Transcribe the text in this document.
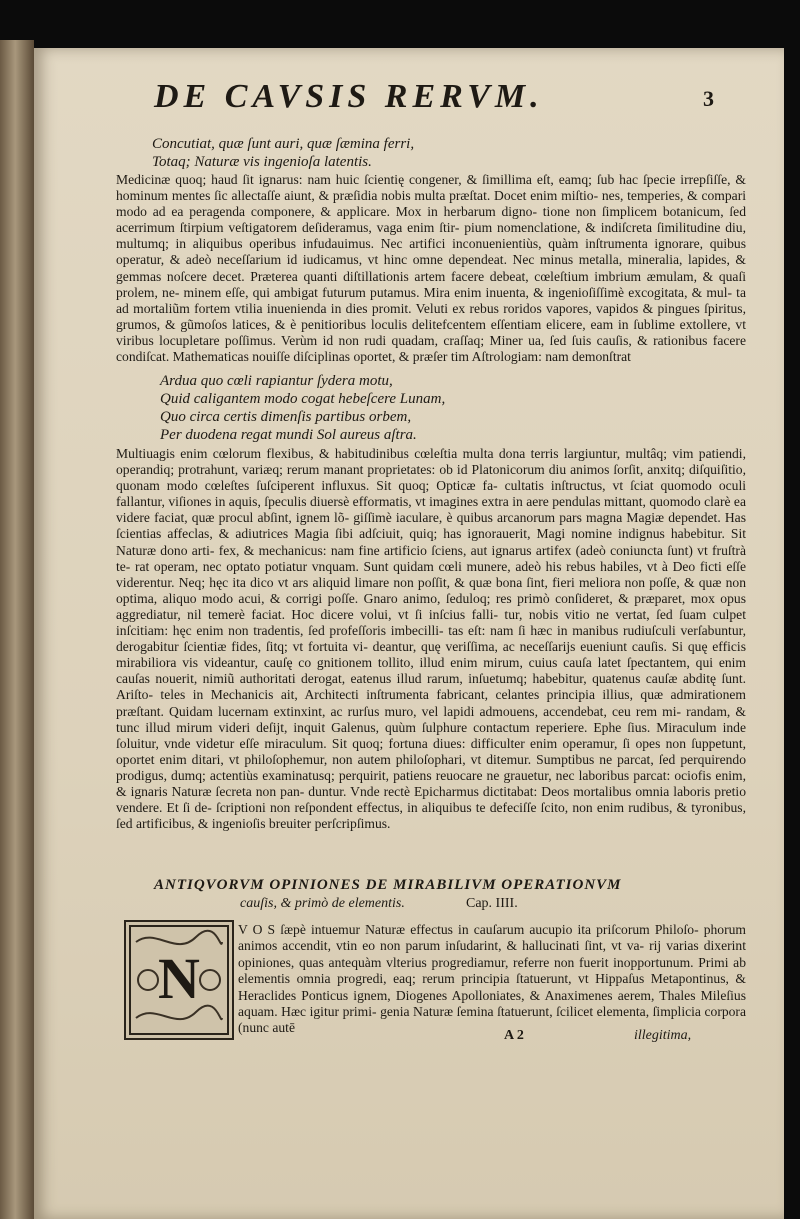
DE CAVSIS RERVM.	3
Concutiat, quæ ſunt auri, quæ ſæmina ferri,
Totaq; Naturæ vis ingenioſa latentis.
Medicinæ quoq; haud ſit ignarus: nam huic ſcientię congener, & ſimillima eſt, eamq; ſub hac ſpecie irrepſiſſe, & hominum mentes ſic allectaſſe aiunt, & præſidia nobis multa præſtat. Docet enim miſtio- nes, temperies, & compari modo ad ea peragenda componere, & applicare. Mox in herbarum digno- tione non ſimplicem botanicum, ſed acerrimum ſtirpium veſtigatorem deſideramus, vaga enim ſtir- pium nomenclatione, & indiſcreta ſimilitudine diu, multumq; in aliquibus operibus infudauimus. Nec artifici inconuenientiùs, quàm inſtrumenta ignorare, quibus operatur, & adeò neceſſarium id iudicamus, vt hinc omne dependeat. Nec minus metalla, mineralia, lapides, & gemmas noſcere decet. Præterea quanti diſtillationis artem facere debeat, cœleſtium imbrium æmulam, & quaſi prolem, ne- minem eſſe, qui ambigat futurum putamus. Mira enim inuenta, & ingenioſiſſimè excogitata, & mul- ta ad mortaliũm fortem vtilia inuenienda in dies promit. Veluti ex rebus roridos vapores, vapidos & pingues ſpiritus, grumos, & gũmoſos latices, & è penitioribus loculis delitefcentem eſſentiam elicere, eam in ſublime extollere, vt viribus locupletare poſſimus. Verùm id non rudi quadam, craſſaq; Miner ua, ſed ſuis cauſis, & rationibus facere condiſcat. Mathematicas nouiſſe diſciplinas oportet, & præſer tim Aſtrologiam: nam demonſtrat
Ardua quo cœli rapiantur ſydera motu,
Quid caligantem modo cogat hebeſcere Lunam,
Quo circa certis dimenſis partibus orbem,
Per duodena regat mundi Sol aureus aſtra.
Multiuagis enim cœlorum flexibus, & habitudinibus cœleſtia multa dona terris largiuntur, multâq; vim patiendi, operandiq; protrahunt, variæq; rerum manant proprietates: ob id Platonicorum diu animos ſorſit, anxitq; diſquiſitio, quonam modo cœleſtes ſuſciperent influxus. Sit quoq; Opticæ fa- cultatis inſtructus, vt ſciat quomodo oculi fallantur, viſiones in aquis, ſpeculis diuersè efformatis, vt imagines extra in aere pendulas mittant, quomodo clarè ea videre faciat, quæ procul abſint, ignem lõ- giſſimè iaculare, è quibus arcanorum pars magna Magiæ dependet. Has ſcientias affeclas, & adiutrices Magia ſibi adſciuit, quiq; has ignorauerit, Magi nomine indignus habebitur. Sit Naturæ dono arti- fex, & mechanicus: nam fine artificio ſciens, aut ignarus artifex (adeò coniuncta ſunt) vt fruſtrà te- rat operam, nec optato potiatur vnquam. Sunt quidam cœli munere, adeò his rebus habiles, vt à Deo ficti eſſe viderentur. Neq; hęc ita dico vt ars aliquid limare non poſſit, & quæ bona ſint, fieri meliora non poſſe, & quæ non optima, aliquo modo acui, & corrigi poſſe. Gnaro animo, ſeduloq; res primò conſideret, & præparet, mox opus aggrediatur, nil temerè faciat. Hoc dicere volui, vt ſi inſcius falli- tur, nobis vitio ne vertat, ſed ſuam culpet inſcitiam: hęc enim non tradentis, ſed profeſſoris imbecilli- tas eſt: nam ſi hæc in manibus rudiuſculi verſabuntur, derogabitur ſcientiæ fides, ſitq; vt fortuita vi- deantur, quę veriſſima, ac neceſſarijs eueniunt cauſis. Si quę efficis mirabiliora vis videantur, cauſę co gnitionem tollito, illud enim mirum, cuius cauſa latet ſpectantem, qui enim cauſas nouerit, nimiũ authoritati derogat, eatenus illud rarum, inſuetumq; habebitur, quatenus cauſæ abditę ſunt. Ariſto- teles in Mechanicis ait, Architecti inſtrumenta fabricant, celantes principia illius, quæ admirationem præſtant. Quidam lucernam extinxint, ac rurſus muro, vel lapidi admouens, accendebat, ceu rem mi- randam, & tunc illud mirum videri deſijt, inquit Galenus, quùm ſulphure contactum reperiere. Ephe ſius. Miraculum inde ſoluitur, vnde videtur eſſe miraculum. Sit quoq; fortuna diues: difficulter enim operamur, ſi opes non ſuppetunt, oportet enim ditari, vt philoſophemur, non autem philoſophari, vt ditemur. Sumptibus ne parcat, ſed perquirendo prodigus, dumq; actentiùs examinatusq; perquirit, patiens reuocare ne grauetur, nec laboribus parcat: ociofis enim, & ignaris Naturæ ſecreta non pan- duntur. Vnde rectè Epicharmus dictitabat: Deos mortalibus omnia laboris pretio vendere. Et ſi de- ſcriptioni non reſpondent effectus, in aliquibus te defeciſſe ſcito, non enim rudibus, & tyronibus, ſed artificibus, & ingenioſis breuiter perſcripſimus.
ANTIQVORVM OPINIONES DE MIRABILIVM OPERATIONVM
cauſis, & primò de elementis.	Cap. IIII.
N
V O S ſæpè intuemur Naturæ effectus in cauſarum aucupio ita priſcorum Philoſo- phorum animos accendit, vtin eo non parum inſudarint, & hallucinati ſint, vt va- rij varias dixerint opiniones, quas antequàm vlterius progrediamur, referre non fuerit inopportunum. Primi ab elementis omnia progredi, eaq; rerum principia ſtatuerunt, vt Hippaſus Metapontinus, & Heraclides Ponticus ignem, Diogenes Apolloniates, & Anaximenes aerem, Thales Mileſius aquam. Hæc igitur primi- genia Naturæ ſemina ſtatuerunt, ſcilicet elementa, ſimplicia corpora (nunc autē
A 2	illegitima,
